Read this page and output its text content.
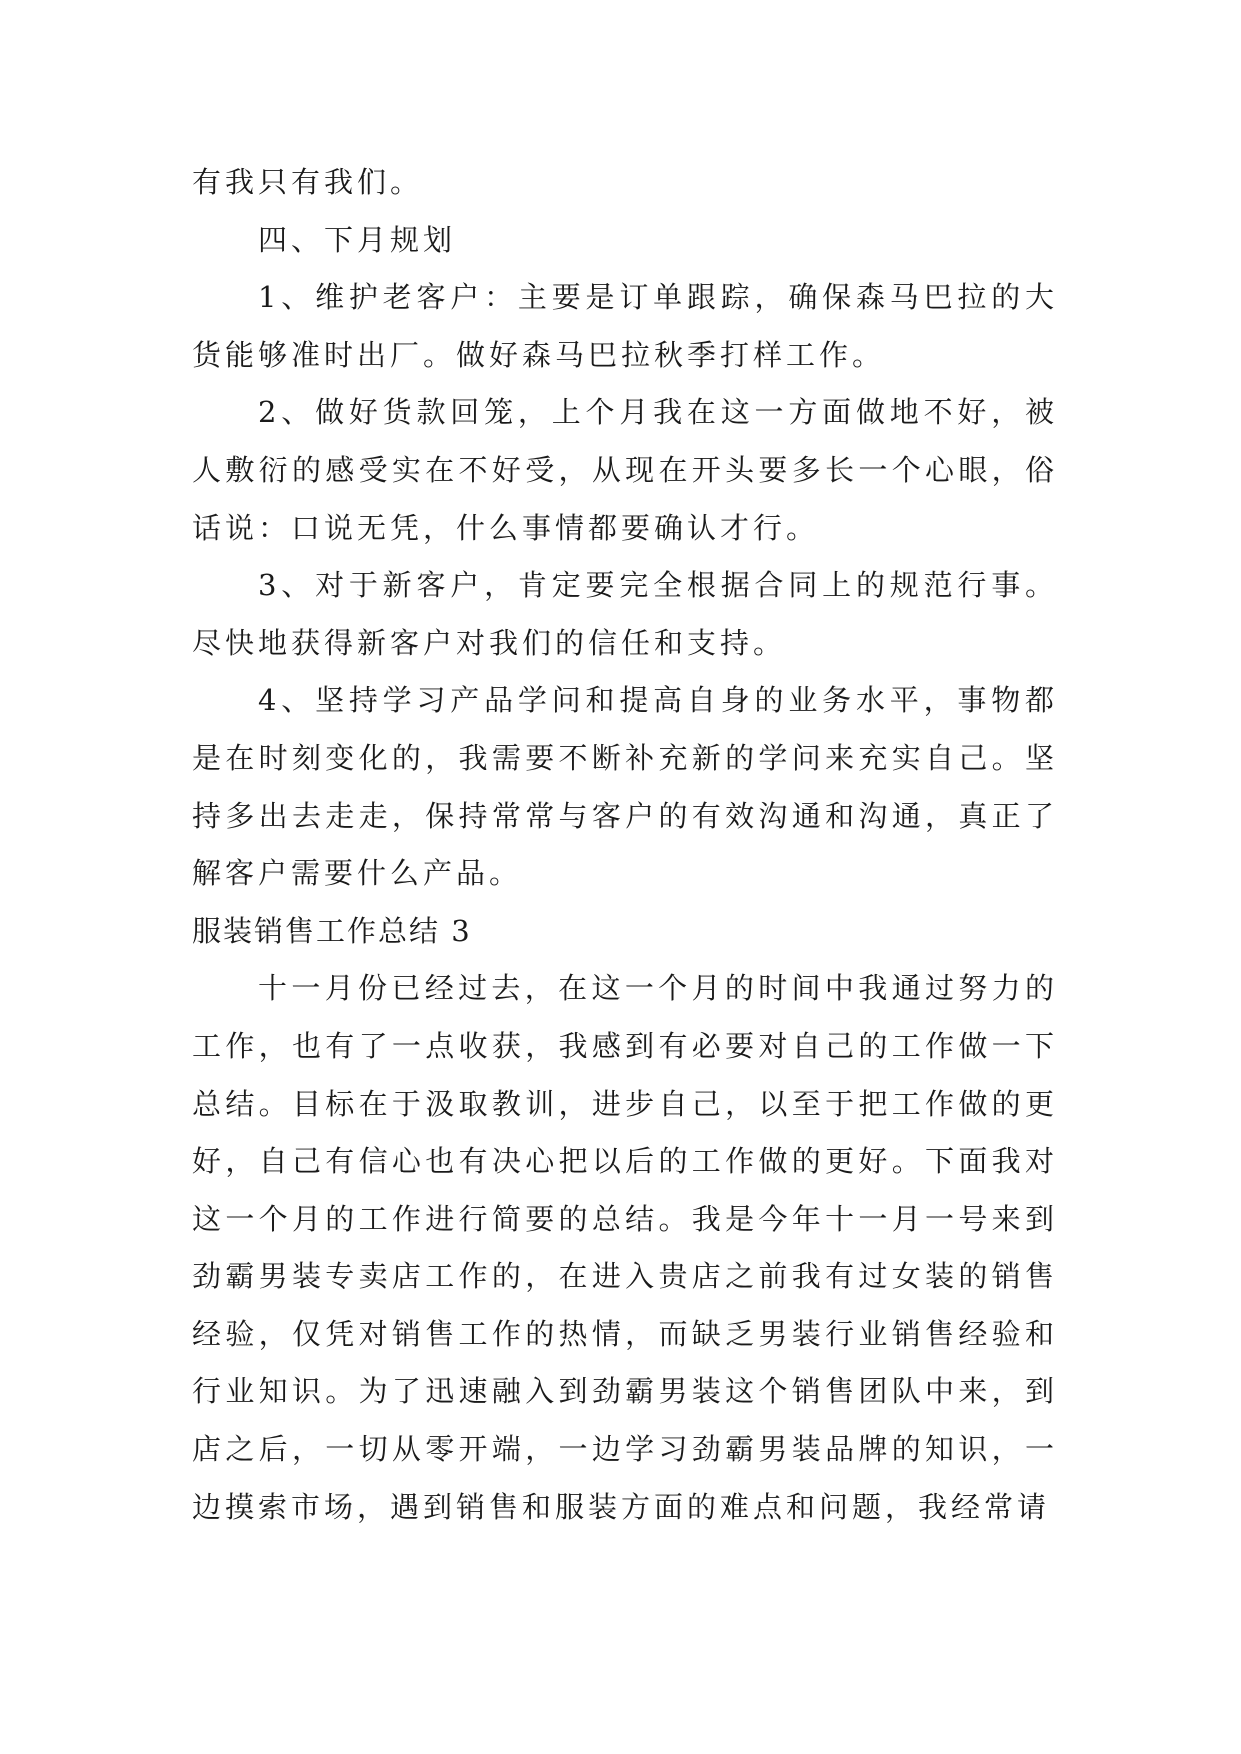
有我只有我们。

四、下月规划

1、维护老客户：主要是订单跟踪，确保森马巴拉的大货能够准时出厂。做好森马巴拉秋季打样工作。

2、做好货款回笼，上个月我在这一方面做地不好，被人敷衍的感受实在不好受，从现在开头要多长一个心眼，俗话说：口说无凭，什么事情都要确认才行。

3、对于新客户，肯定要完全根据合同上的规范行事。尽快地获得新客户对我们的信任和支持。

4、坚持学习产品学问和提高自身的业务水平，事物都是在时刻变化的，我需要不断补充新的学问来充实自己。坚持多出去走走，保持常常与客户的有效沟通和沟通，真正了解客户需要什么产品。

服装销售工作总结 3

十一月份已经过去，在这一个月的时间中我通过努力的工作，也有了一点收获，我感到有必要对自己的工作做一下总结。目标在于汲取教训，进步自己，以至于把工作做的更好，自己有信心也有决心把以后的工作做的更好。下面我对这一个月的工作进行简要的总结。我是今年十一月一号来到劲霸男装专卖店工作的，在进入贵店之前我有过女装的销售经验，仅凭对销售工作的热情，而缺乏男装行业销售经验和行业知识。为了迅速融入到劲霸男装这个销售团队中来，到店之后，一切从零开端，一边学习劲霸男装品牌的知识，一边摸索市场，遇到销售和服装方面的难点和问题，我经常请
